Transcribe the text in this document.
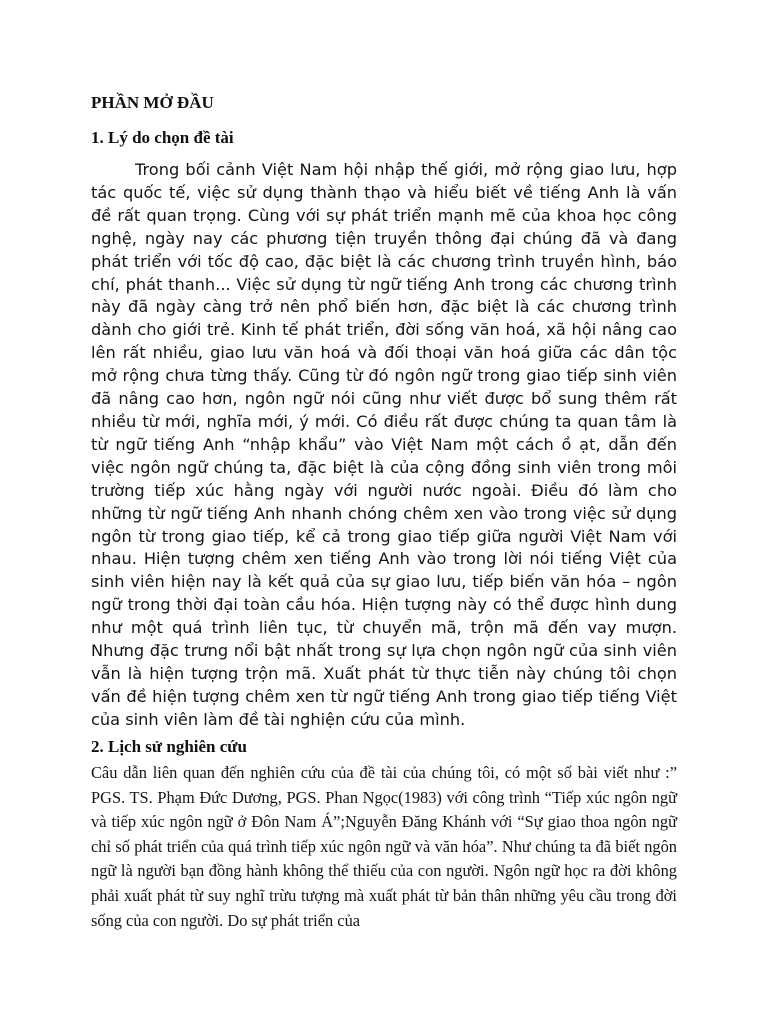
PHẦN MỞ ĐẦU
1. Lý do chọn đề tài

Trong bối cảnh Việt Nam hội nhập thế giới, mở rộng giao lưu, hợp tác quốc tế, việc sử dụng thành thạo và hiểu biết về tiếng Anh là vấn đề rất quan trọng. Cùng với sự phát triển mạnh mẽ của khoa học công nghệ, ngày nay các phương tiện truyền thông đại chúng đã và đang phát triển với tốc độ cao, đặc biệt là các chương trình truyền hình, báo chí, phát thanh... Việc sử dụng từ ngữ tiếng Anh trong các chương trình này đã ngày càng trở nên phổ biến hơn, đặc biệt là các chương trình dành cho giới trẻ. Kinh tế phát triển, đời sống văn hoá, xã hội nâng cao lên rất nhiều, giao lưu văn hoá và đối thoại văn hoá giữa các dân tộc mở rộng chưa từng thấy. Cũng từ đó ngôn ngữ trong giao tiếp sinh viên đã nâng cao hơn, ngôn ngữ nói cũng như viết được bổ sung thêm rất nhiều từ mới, nghĩa mới, ý mới. Có điều rất được chúng ta quan tâm là từ ngữ tiếng Anh “nhập khẩu” vào Việt Nam một cách ồ ạt, dẫn đến việc ngôn ngữ chúng ta, đặc biệt là của cộng đồng sinh viên trong môi trường tiếp xúc hằng ngày với người nước ngoài. Điều đó làm cho những từ ngữ tiếng Anh nhanh chóng chêm xen vào trong việc sử dụng ngôn từ trong giao tiếp, kể cả trong giao tiếp giữa người Việt Nam với nhau. Hiện tượng chêm xen tiếng Anh vào trong lời nói tiếng Việt của sinh viên hiện nay là kết quả của sự giao lưu, tiếp biến văn hóa – ngôn ngữ trong thời đại toàn cầu hóa. Hiện tượng này có thể được hình dung như một quá trình liên tục, từ chuyển mã, trộn mã đến vay mượn. Nhưng đặc trưng nổi bật nhất trong sự lựa chọn ngôn ngữ của sinh viên vẫn là hiện tượng trộn mã. Xuất phát từ thực tiễn này chúng tôi chọn vấn đề hiện tượng chêm xen từ ngữ tiếng Anh trong giao tiếp tiếng Việt của sinh viên làm đề tài nghiện cứu của mình.

2. Lịch sử nghiên cứu

Câu dẫn liên quan đến nghiên cứu của đề tài của chúng tôi, có một số bài viết như :” PGS. TS. Phạm Đức Dương, PGS. Phan Ngọc(1983) với công trình “Tiếp xúc ngôn ngữ và tiếp xúc ngôn ngữ ở Đôn Nam Á”;Nguyễn Đăng Khánh với “Sự giao thoa ngôn ngữ chỉ số phát triển của quá trình tiếp xúc ngôn ngữ và văn hóa”. Như chúng ta đã biết ngôn ngữ là người bạn đồng hành không thể thiếu của con người. Ngôn ngữ học ra đời không phải xuất phát từ suy nghĩ trừu tượng mà xuất phát từ bản thân những yêu cầu trong đời sống của con người. Do sự phát triển của
